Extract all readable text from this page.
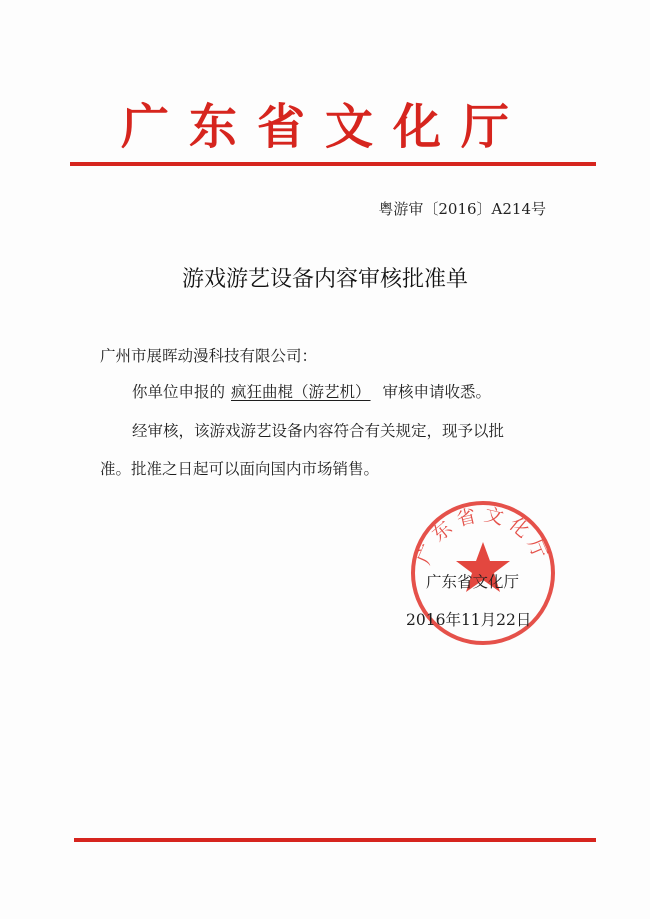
广东省文化厅
粤游审〔2016〕A214号
游戏游艺设备内容审核批准单
广州市展晖动漫科技有限公司：
你单位申报的 疯狂曲棍（游艺机） 审核申请收悉。
经审核，该游戏游艺设备内容符合有关规定，现予以批
准。批准之日起可以面向国内市场销售。
广东省文化厅
广东省文化厅
2016年11月22日
